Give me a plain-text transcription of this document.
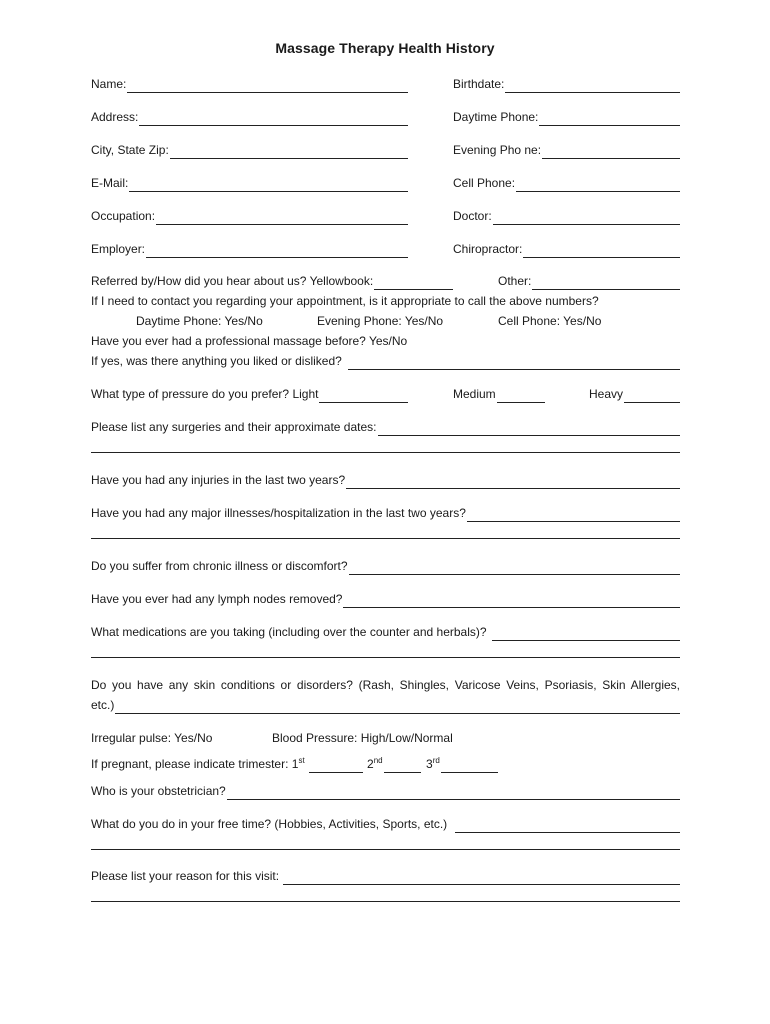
Massage Therapy Health History
Name:	Birthdate:
Address:	Daytime Phone:
City, State Zip:	Evening Pho ne:
E-Mail:	Cell Phone:
Occupation:	Doctor:
Employer:	Chiropractor:
Referred by/How did you hear about us? Yellowbook:	Other:
If I need to contact you regarding your appointment, is it appropriate to call the above numbers?
Daytime Phone: Yes/No	Evening Phone: Yes/No	Cell Phone: Yes/No
Have you ever had a professional massage before? Yes/No
If yes, was there anything you liked or disliked?
What type of pressure do you prefer? Light	Medium	Heavy
Please list any surgeries and their approximate dates:
Have you had any injuries in the last two years?
Have you had any major illnesses/hospitalization in the last two years?
Do you suffer from chronic illness or discomfort?
Have you ever had any lymph nodes removed?
What medications are you taking (including over the counter and herbals)?
Do you have any skin conditions or disorders? (Rash, Shingles, Varicose Veins, Psoriasis, Skin Allergies,
etc.)
Irregular pulse: Yes/No	Blood Pressure: High/Low/Normal
If pregnant, please indicate trimester: 1st	2nd	3rd
Who is your obstetrician?
What do you do in your free time? (Hobbies, Activities, Sports, etc.)
Please list your reason for this visit:
